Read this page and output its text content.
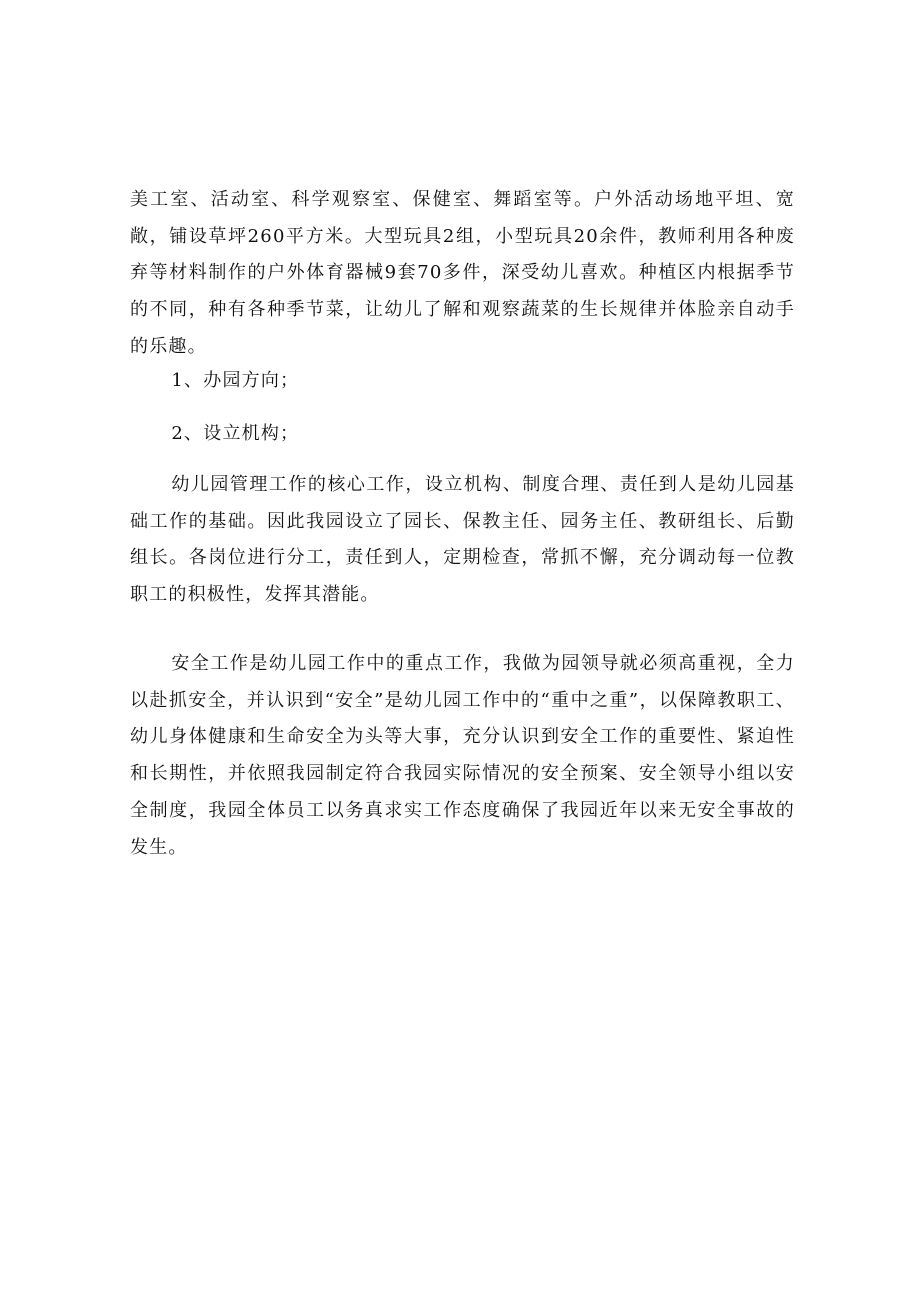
美工室、活动室、科学观察室、保健室、舞蹈室等。户外活动场地平坦、宽敞，铺设草坪260平方米。大型玩具2组，小型玩具20余件，教师利用各种废弃等材料制作的户外体育器械9套70多件，深受幼儿喜欢。种植区内根据季节的不同，种有各种季节菜，让幼儿了解和观察蔬菜的生长规律并体脸亲自动手的乐趣。

1、办园方向；

2、设立机构；

幼儿园管理工作的核心工作，设立机构、制度合理、责任到人是幼儿园基础工作的基础。因此我园设立了园长、保教主任、园务主任、教研组长、后勤组长。各岗位进行分工，责任到人，定期检查，常抓不懈，充分调动每一位教职工的积极性，发挥其潜能。

安全工作是幼儿园工作中的重点工作，我做为园领导就必须高重视，全力以赴抓安全，并认识到“安全”是幼儿园工作中的“重中之重”，以保障教职工、幼儿身体健康和生命安全为头等大事，充分认识到安全工作的重要性、紧迫性和长期性，并依照我园制定符合我园实际情况的安全预案、安全领导小组以安全制度，我园全体员工以务真求实工作态度确保了我园近年以来无安全事故的发生。
